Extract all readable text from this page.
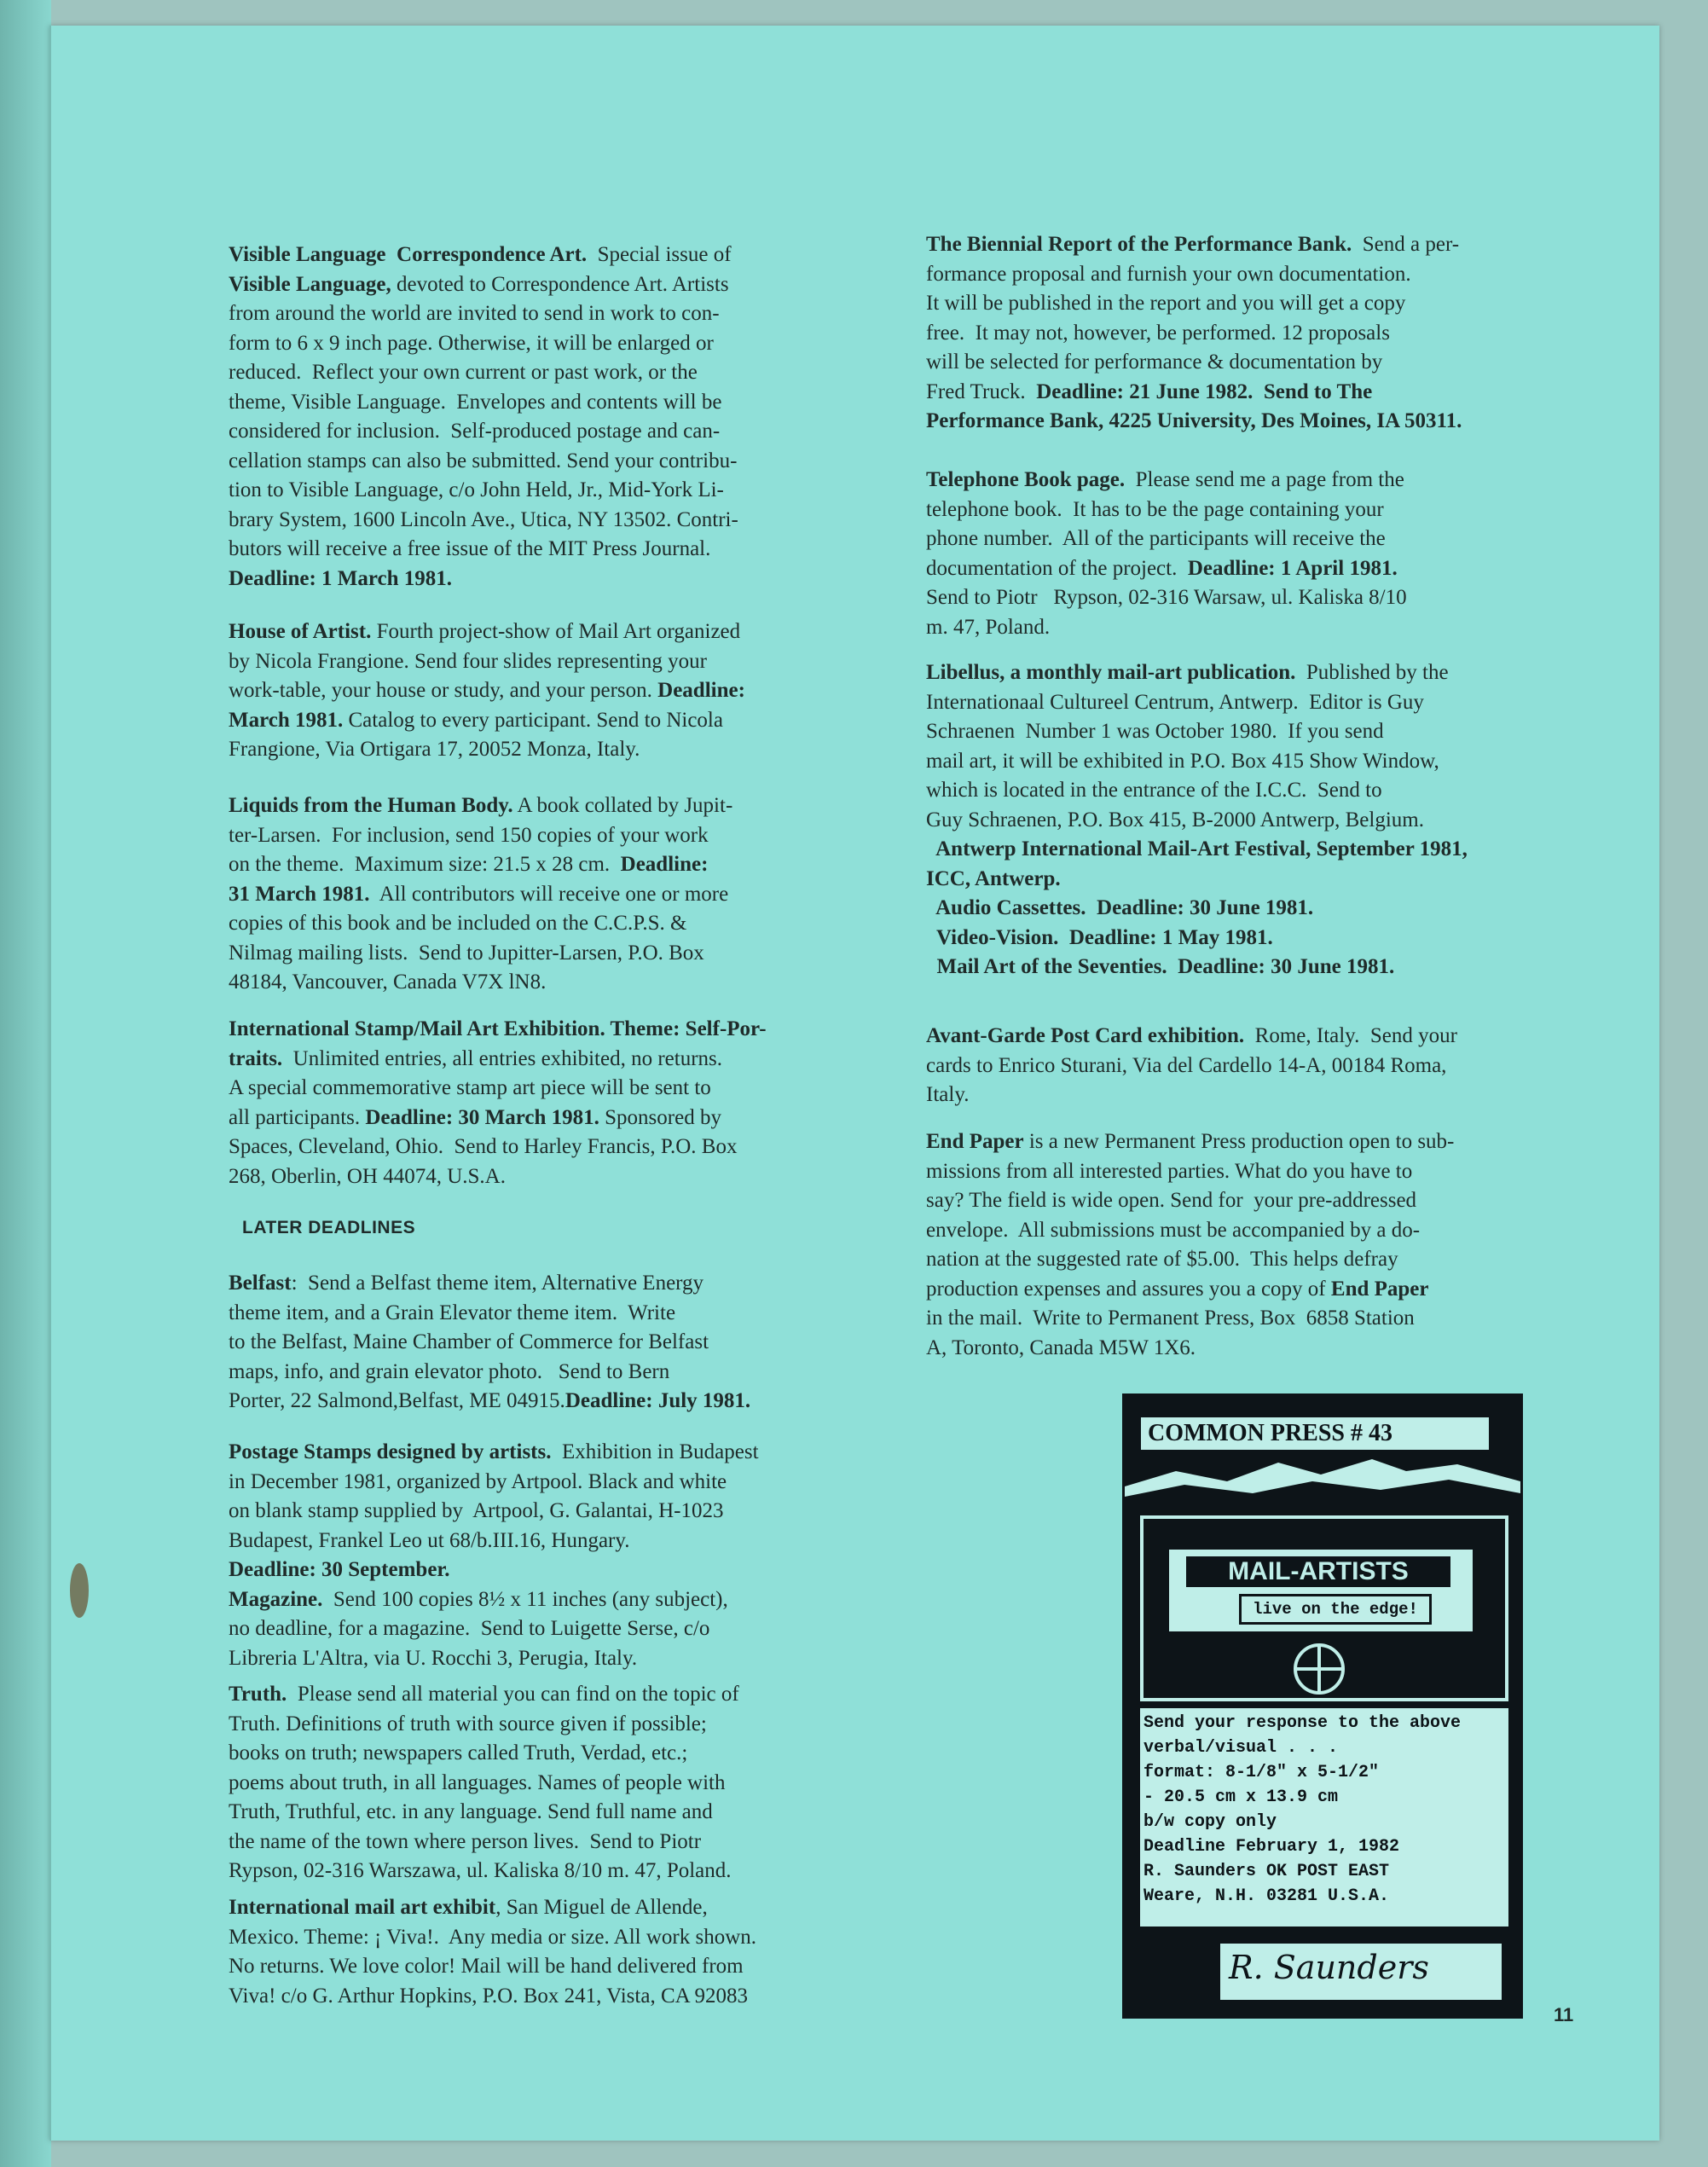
LATER DEADLINES
COMMON PRESS # 43
MAIL-ARTISTS
live on the edge!
Send your response to the above
verbal/visual . . .
format: 8-1/8" x 5-1/2"
- 20.5 cm x 13.9 cm
b/w copy only
Deadline February 1, 1982
R. Saunders OK POST EAST
Weare, N.H. 03281 U.S.A.
R. Saunders
11

Visible Language  Correspondence Art.  Special issue of

Visible Language, devoted to Correspondence Art. Artists

from around the world are invited to send in work to con-

form to 6 x 9 inch page. Otherwise, it will be enlarged or

reduced.  Reflect your own current or past work, or the

theme, Visible Language.  Envelopes and contents will be

considered for inclusion.  Self-produced postage and can-

cellation stamps can also be submitted. Send your contribu-

tion to Visible Language, c/o John Held, Jr., Mid-York Li-

brary System, 1600 Lincoln Ave., Utica, NY 13502. Contri-

butors will receive a free issue of the MIT Press Journal.

Deadline: 1 March 1981.

House of Artist. Fourth project-show of Mail Art organized

by Nicola Frangione. Send four slides representing your

work-table, your house or study, and your person. Deadline:

March 1981. Catalog to every participant. Send to Nicola

Frangione, Via Ortigara 17, 20052 Monza, Italy.

Liquids from the Human Body. A book collated by Jupit-

ter-Larsen.  For inclusion, send 150 copies of your work

on the theme.  Maximum size: 21.5 x 28 cm.  Deadline:

31 March 1981.  All contributors will receive one or more

copies of this book and be included on the C.C.P.S. &

Nilmag mailing lists.  Send to Jupitter-Larsen, P.O. Box

48184, Vancouver, Canada V7X lN8.

International Stamp/Mail Art Exhibition. Theme: Self-Por-

traits.  Unlimited entries, all entries exhibited, no returns.

A special commemorative stamp art piece will be sent to

all participants. Deadline: 30 March 1981. Sponsored by

Spaces, Cleveland, Ohio.  Send to Harley Francis, P.O. Box

268, Oberlin, OH 44074, U.S.A.

Belfast:  Send a Belfast theme item, Alternative Energy

theme item, and a Grain Elevator theme item.  Write

to the Belfast, Maine Chamber of Commerce for Belfast

maps, info, and grain elevator photo.   Send to Bern

Porter, 22 Salmond,Belfast, ME 04915.Deadline: July 1981.

Postage Stamps designed by artists.  Exhibition in Budapest

in December 1981, organized by Artpool. Black and white

on blank stamp supplied by  Artpool, G. Galantai, H-1023

Budapest, Frankel Leo ut 68/b.III.16, Hungary.

Deadline: 30 September.

Magazine.  Send 100 copies 8½ x 11 inches (any subject),

no deadline, for a magazine.  Send to Luigette Serse, c/o

Libreria L'Altra, via U. Rocchi 3, Perugia, Italy.

Truth.  Please send all material you can find on the topic of

Truth. Definitions of truth with source given if possible;

books on truth; newspapers called Truth, Verdad, etc.;

poems about truth, in all languages. Names of people with

Truth, Truthful, etc. in any language. Send full name and

the name of the town where person lives.  Send to Piotr

Rypson, 02-316 Warszawa, ul. Kaliska 8/10 m. 47, Poland.

International mail art exhibit, San Miguel de Allende,

Mexico. Theme: ¡ Viva!.  Any media or size. All work shown.

No returns. We love color! Mail will be hand delivered from

Viva! c/o G. Arthur Hopkins, P.O. Box 241, Vista, CA 92083

The Biennial Report of the Performance Bank.  Send a per-

formance proposal and furnish your own documentation.

It will be published in the report and you will get a copy

free.  It may not, however, be performed. 12 proposals

will be selected for performance & documentation by

Fred Truck.  Deadline: 21 June 1982.  Send to The

Performance Bank, 4225 University, Des Moines, IA 50311.

Telephone Book page.  Please send me a page from the

telephone book.  It has to be the page containing your

phone number.  All of the participants will receive the

documentation of the project.  Deadline: 1 April 1981.

Send to Piotr   Rypson, 02-316 Warsaw, ul. Kaliska 8/10

m. 47, Poland.

Libellus, a monthly mail-art publication.  Published by the

Internationaal Cultureel Centrum, Antwerp.  Editor is Guy

Schraenen  Number 1 was October 1980.  If you send

mail art, it will be exhibited in P.O. Box 415 Show Window,

which is located in the entrance of the I.C.C.  Send to

Guy Schraenen, P.O. Box 415, B-2000 Antwerp, Belgium.

Antwerp International Mail-Art Festival, September 1981,

ICC, Antwerp.

Audio Cassettes.  Deadline: 30 June 1981.

Video-Vision.  Deadline: 1 May 1981.

Mail Art of the Seventies.  Deadline: 30 June 1981.

Avant-Garde Post Card exhibition.  Rome, Italy.  Send your

cards to Enrico Sturani, Via del Cardello 14-A, 00184 Roma,

Italy.

End Paper is a new Permanent Press production open to sub-

missions from all interested parties. What do you have to

say? The field is wide open. Send for  your pre-addressed

envelope.  All submissions must be accompanied by a do-

nation at the suggested rate of $5.00.  This helps defray

production expenses and assures you a copy of End Paper

in the mail.  Write to Permanent Press, Box  6858 Station

A, Toronto, Canada M5W 1X6.
